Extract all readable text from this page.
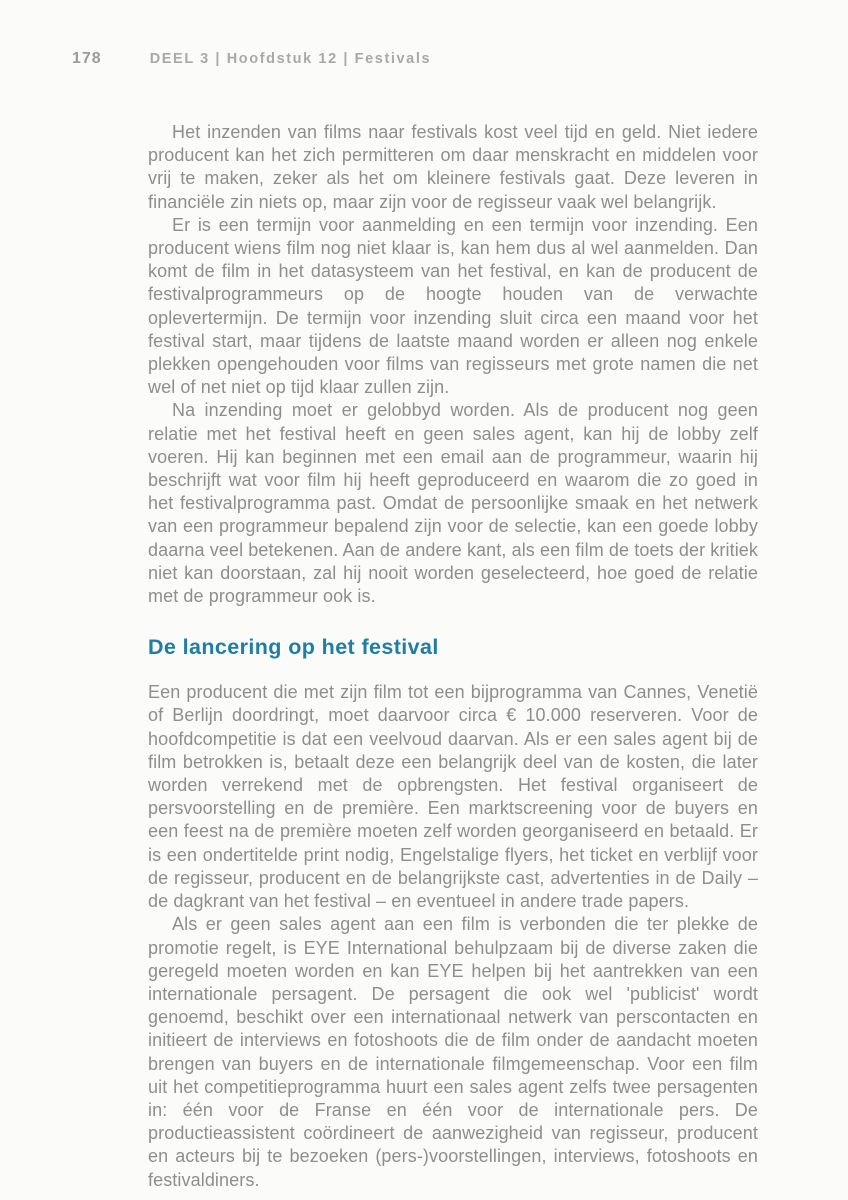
178	DEEL 3 | Hoofdstuk 12 | Festivals

Het inzenden van films naar festivals kost veel tijd en geld. Niet iedere producent kan het zich permitteren om daar menskracht en middelen voor vrij te maken, zeker als het om kleinere festivals gaat. Deze leveren in financiële zin niets op, maar zijn voor de regisseur vaak wel belangrijk.

Er is een termijn voor aanmelding en een termijn voor inzending. Een producent wiens film nog niet klaar is, kan hem dus al wel aanmelden. Dan komt de film in het datasysteem van het festival, en kan de producent de festivalprogrammeurs op de hoogte houden van de verwachte oplevertermijn. De termijn voor inzending sluit circa een maand voor het festival start, maar tijdens de laatste maand worden er alleen nog enkele plekken opengehouden voor films van regisseurs met grote namen die net wel of net niet op tijd klaar zullen zijn.

Na inzending moet er gelobbyd worden. Als de producent nog geen relatie met het festival heeft en geen sales agent, kan hij de lobby zelf voeren. Hij kan beginnen met een email aan de programmeur, waarin hij beschrijft wat voor film hij heeft geproduceerd en waarom die zo goed in het festivalprogramma past. Omdat de persoonlijke smaak en het netwerk van een programmeur bepalend zijn voor de selectie, kan een goede lobby daarna veel betekenen. Aan de andere kant, als een film de toets der kritiek niet kan doorstaan, zal hij nooit worden geselecteerd, hoe goed de relatie met de programmeur ook is.

De lancering op het festival

Een producent die met zijn film tot een bijprogramma van Cannes, Venetië of Berlijn doordringt, moet daarvoor circa € 10.000 reserveren. Voor de hoofdcompetitie is dat een veelvoud daarvan. Als er een sales agent bij de film betrokken is, betaalt deze een belangrijk deel van de kosten, die later worden verrekend met de opbrengsten. Het festival organiseert de persvoorstelling en de première. Een marktscreening voor de buyers en een feest na de première moeten zelf worden georganiseerd en betaald. Er is een ondertitelde print nodig, Engelstalige flyers, het ticket en verblijf voor de regisseur, producent en de belangrijkste cast, advertenties in de Daily – de dagkrant van het festival – en eventueel in andere trade papers.

Als er geen sales agent aan een film is verbonden die ter plekke de promotie regelt, is EYE International behulpzaam bij de diverse zaken die geregeld moeten worden en kan EYE helpen bij het aantrekken van een internationale persagent. De persagent die ook wel 'publicist' wordt genoemd, beschikt over een internationaal netwerk van perscontacten en initieert de interviews en fotoshoots die de film onder de aandacht moeten brengen van buyers en de internationale filmgemeenschap. Voor een film uit het competitieprogramma huurt een sales agent zelfs twee persagenten in: één voor de Franse en één voor de internationale pers. De productieassistent coördineert de aanwezigheid van regisseur, producent en acteurs bij te bezoeken (pers-)voorstellingen, interviews, fotoshoots en festivaldiners.
